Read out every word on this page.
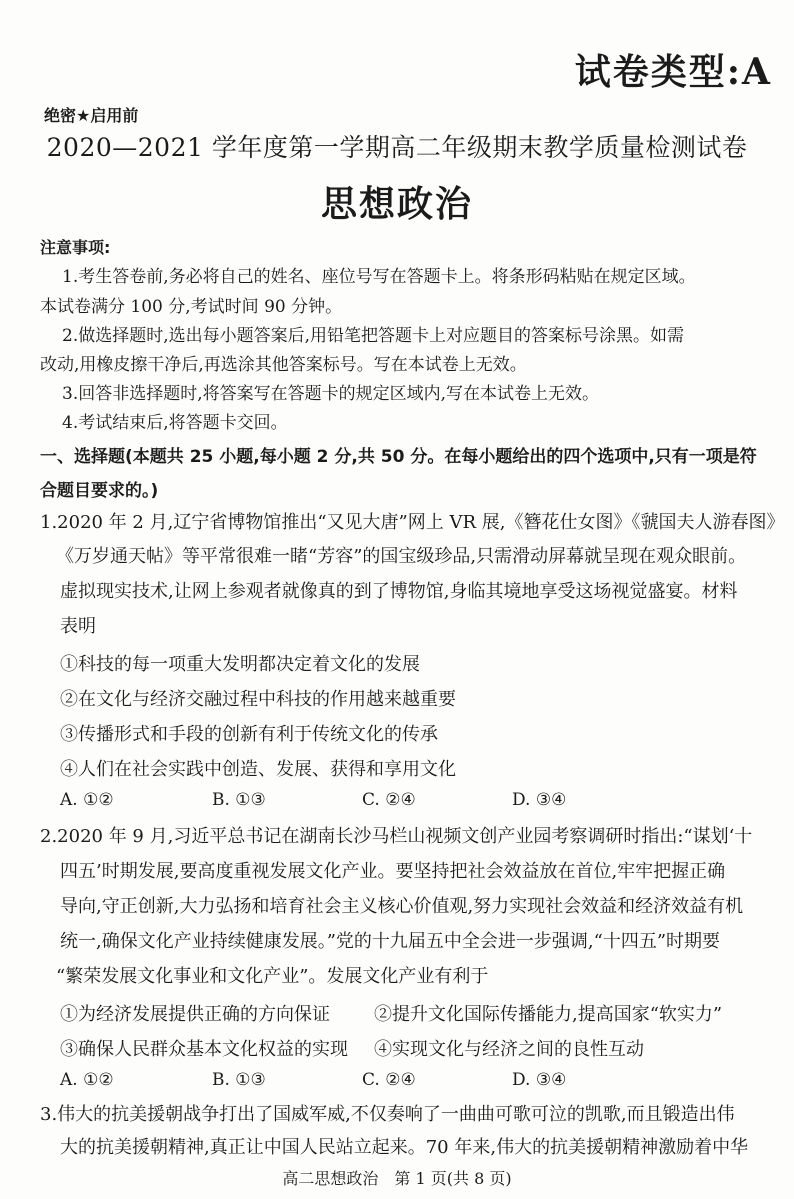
试卷类型:A
绝密★启用前
2020—2021 学年度第一学期高二年级期末教学质量检测试卷
思想政治
注意事项:
1.考生答卷前,务必将自己的姓名、座位号写在答题卡上。将条形码粘贴在规定区域。
本试卷满分 100 分,考试时间 90 分钟。
2.做选择题时,选出每小题答案后,用铅笔把答题卡上对应题目的答案标号涂黑。如需
改动,用橡皮擦干净后,再选涂其他答案标号。写在本试卷上无效。
3.回答非选择题时,将答案写在答题卡的规定区域内,写在本试卷上无效。
4.考试结束后,将答题卡交回。
一、选择题(本题共 25 小题,每小题 2 分,共 50 分。在每小题给出的四个选项中,只有一项是符
合题目要求的。)
1.2020 年 2 月,辽宁省博物馆推出“又见大唐”网上 VR 展,《簪花仕女图》《虢国夫人游春图》
《万岁通天帖》等平常很难一睹“芳容”的国宝级珍品,只需滑动屏幕就呈现在观众眼前。
虚拟现实技术,让网上参观者就像真的到了博物馆,身临其境地享受这场视觉盛宴。材料
表明
①科技的每一项重大发明都决定着文化的发展
②在文化与经济交融过程中科技的作用越来越重要
③传播形式和手段的创新有利于传统文化的传承
④人们在社会实践中创造、发展、获得和享用文化
A. ①②	B. ①③	C. ②④	D. ③④
2.2020 年 9 月,习近平总书记在湖南长沙马栏山视频文创产业园考察调研时指出:“谋划‘十
四五’时期发展,要高度重视发展文化产业。要坚持把社会效益放在首位,牢牢把握正确
导向,守正创新,大力弘扬和培育社会主义核心价值观,努力实现社会效益和经济效益有机
统一,确保文化产业持续健康发展。”党的十九届五中全会进一步强调,“十四五”时期要
“繁荣发展文化事业和文化产业”。发展文化产业有利于
①为经济发展提供正确的方向保证 ②提升文化国际传播能力,提高国家“软实力”
③确保人民群众基本文化权益的实现 ④实现文化与经济之间的良性互动
A. ①②	B. ①③	C. ②④	D. ③④
3.伟大的抗美援朝战争打出了国威军威,不仅奏响了一曲曲可歌可泣的凯歌,而且锻造出伟
大的抗美援朝精神,真正让中国人民站立起来。70 年来,伟大的抗美援朝精神激励着中华
高二思想政治　第 1 页(共 8 页)
